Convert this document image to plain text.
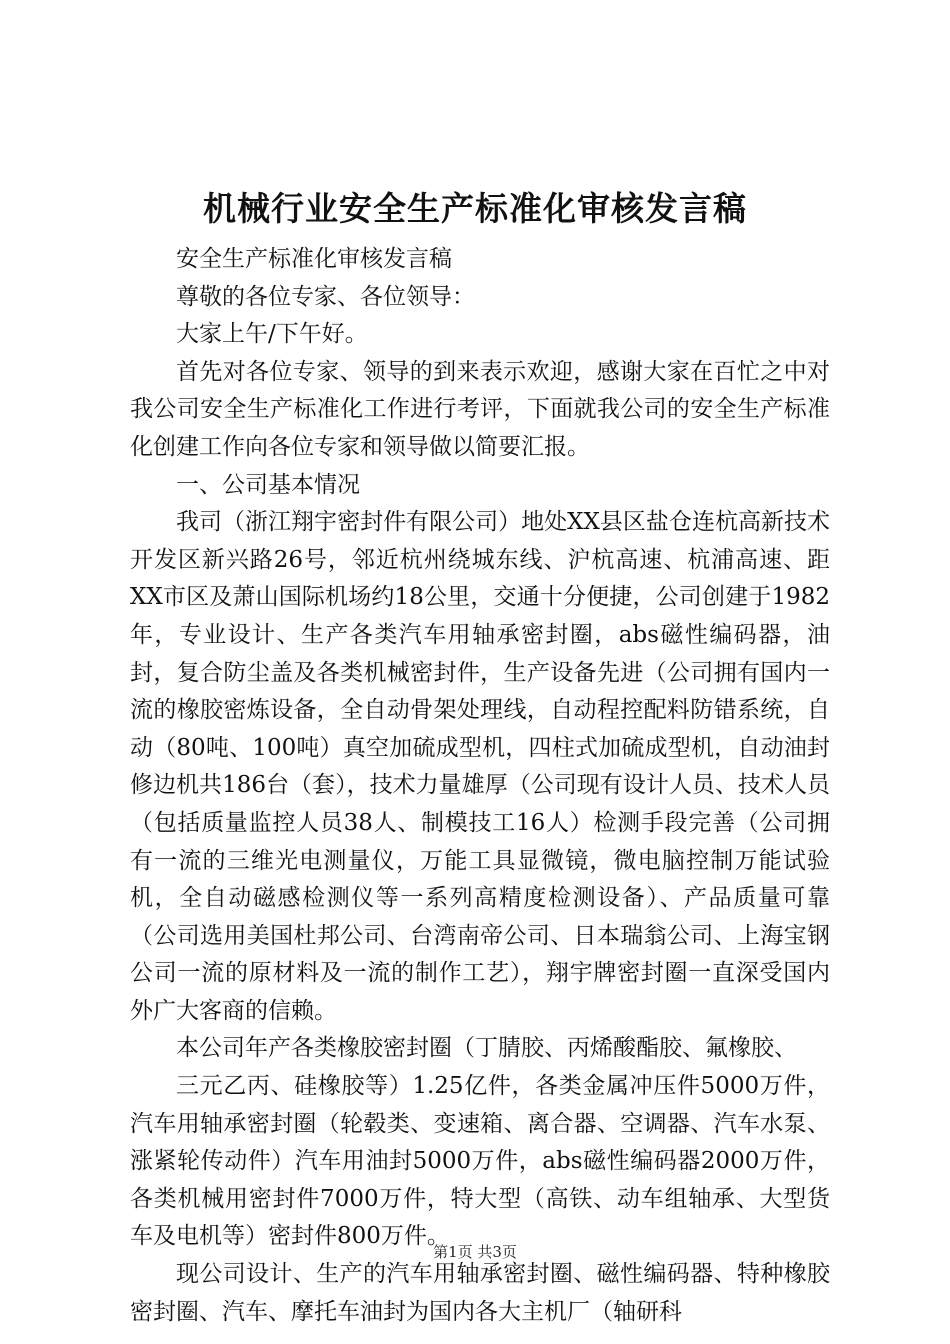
机械行业安全生产标准化审核发言稿

安全生产标准化审核发言稿

尊敬的各位专家、各位领导：

大家上午/下午好。

首先对各位专家、领导的到来表示欢迎，感谢大家在百忙之中对我公司安全生产标准化工作进行考评，下面就我公司的安全生产标准化创建工作向各位专家和领导做以简要汇报。

一、公司基本情况

我司（浙江翔宇密封件有限公司）地处XX县区盐仓连杭高新技术开发区新兴路26号，邻近杭州绕城东线、沪杭高速、杭浦高速、距XX市区及萧山国际机场约18公里，交通十分便捷，公司创建于1982年，专业设计、生产各类汽车用轴承密封圈，abs磁性编码器，油封，复合防尘盖及各类机械密封件，生产设备先进（公司拥有国内一流的橡胶密炼设备，全自动骨架处理线，自动程控配料防错系统，自动（80吨、100吨）真空加硫成型机，四柱式加硫成型机，自动油封修边机共186台（套），技术力量雄厚（公司现有设计人员、技术人员（包括质量监控人员38人、制模技工16人）检测手段完善（公司拥有一流的三维光电测量仪，万能工具显微镜，微电脑控制万能试验机，全自动磁感检测仪等一系列高精度检测设备）、产品质量可靠（公司选用美国杜邦公司、台湾南帝公司、日本瑞翁公司、上海宝钢公司一流的原材料及一流的制作工艺），翔宇牌密封圈一直深受国内外广大客商的信赖。

本公司年产各类橡胶密封圈（丁腈胶、丙烯酸酯胶、氟橡胶、

三元乙丙、硅橡胶等）1.25亿件，各类金属冲压件5000万件，汽车用轴承密封圈（轮毂类、变速箱、离合器、空调器、汽车水泵、涨紧轮传动件）汽车用油封5000万件，abs磁性编码器2000万件，各类机械用密封件7000万件，特大型（高铁、动车组轴承、大型货车及电机等）密封件800万件。

现公司设计、生产的汽车用轴承密封圈、磁性编码器、特种橡胶密封圈、汽车、摩托车油封为国内各大主机厂（轴研科

第1页 共3页
